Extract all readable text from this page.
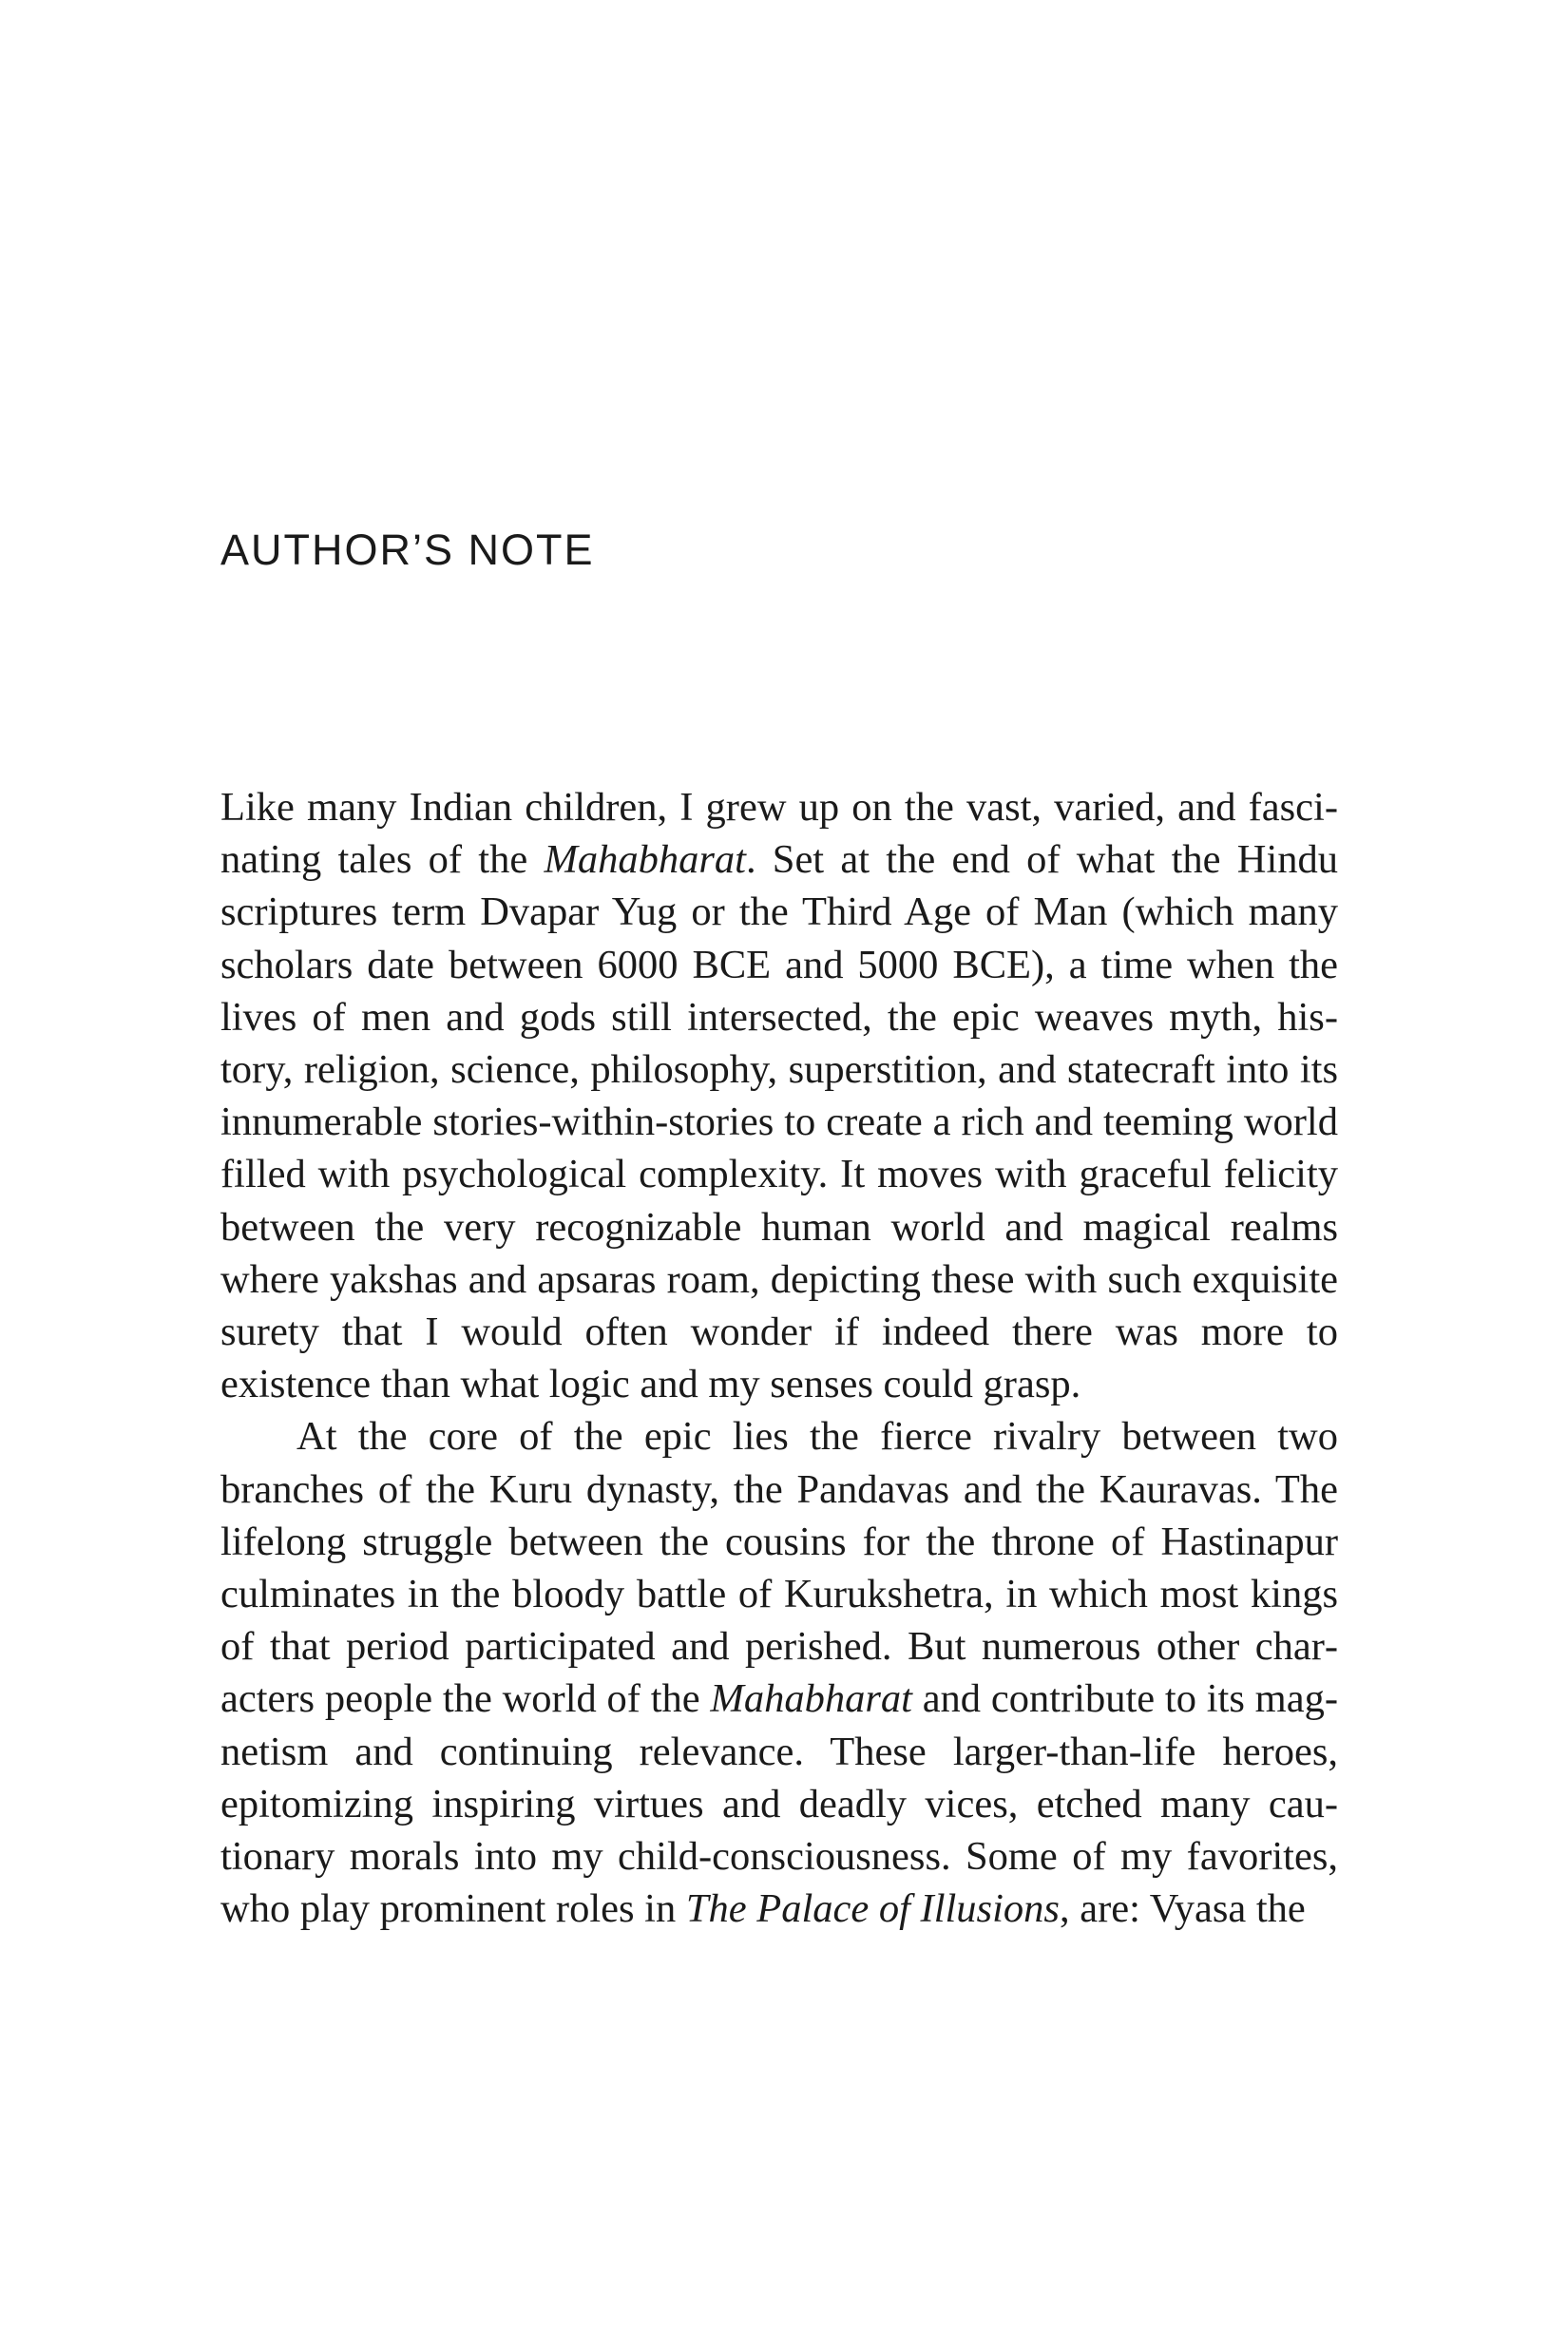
AUTHOR’S NOTE

Like many Indian children, I grew up on the vast, varied, and fascinating tales of the Mahabharat. Set at the end of what the Hindu scriptures term Dvapar Yug or the Third Age of Man (which many scholars date between 6000 BCE and 5000 BCE), a time when the lives of men and gods still intersected, the epic weaves myth, history, religion, science, philosophy, superstition, and statecraft into its innumerable stories-within-stories to create a rich and teeming world filled with psychological complexity. It moves with graceful felicity between the very recognizable human world and magical realms where yakshas and apsaras roam, depicting these with such exquisite surety that I would often wonder if indeed there was more to existence than what logic and my senses could grasp.

At the core of the epic lies the fierce rivalry between two branches of the Kuru dynasty, the Pandavas and the Kauravas. The lifelong struggle between the cousins for the throne of Hastinapur culminates in the bloody battle of Kurukshetra, in which most kings of that period participated and perished. But numerous other characters people the world of the Mahabharat and contribute to its magnetism and continuing relevance. These larger-than-life heroes, epitomizing inspiring virtues and deadly vices, etched many cautionary morals into my child-consciousness. Some of my favorites, who play prominent roles in The Palace of Illusions, are: Vyasa the
